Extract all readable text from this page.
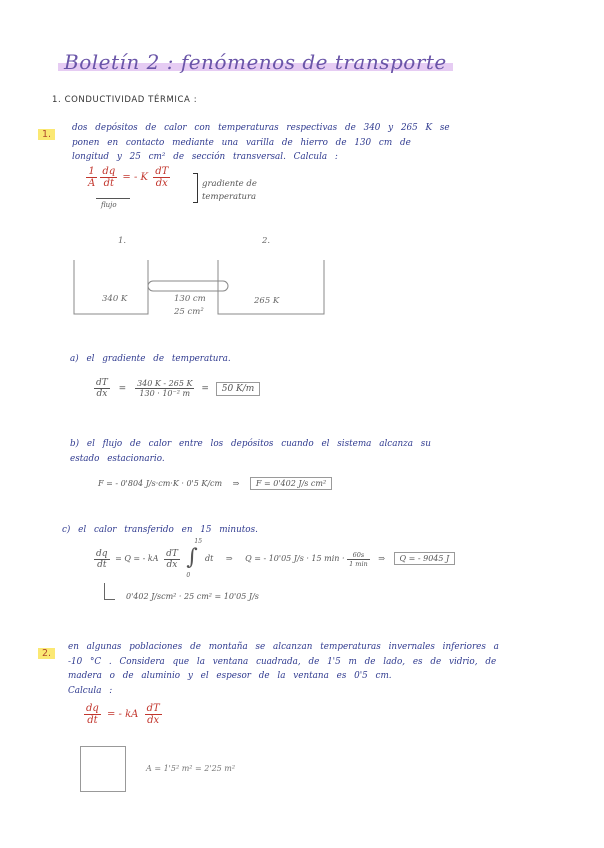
Boletín 2 : fenómenos de transporte
1. CONDUCTIVIDAD TÉRMICA :
1.
dos depósitos de calor con temperaturas respectivas de 340 y 265 K se
ponen en contacto mediante una varilla de hierro de 130 cm de
longitud y 25 cm² de sección transversal. Calcula :
$\frac{1}{A}$
$\frac{dq}{dt}$ = - K $\frac{dT}{dx}$
flujo
gradiente de temperatura
1.	2.
340 K	130 cm
25 cm²
265 K
a) el gradiente de temperatura.
$\frac{dT}{dx} = \frac{340 K - 265 K}{\text{130 · 10⁻² m}} = 50$ K/m
b) el flujo de calor entre los depósitos cuando el sistema alcanza su
estado estacionario.
F = - 0'804 J/s·cm·K · 0'5 K/cm ⇒ F = 0'402 J/s cm²
c) el calor transferido en 15 minutos.
$\frac{dq}{dt} = Q$ = - kA $\frac{dT}{dx}$
∫
15
0
dt ⇒ Q = - 10'05 J/s · 15 $\min \cdot \frac{60s}{1 \min}$ ⇒ Q = - 9045 J
0'402 J/scm² · 25 cm² = 10'05 J/s
2.
en algunas poblaciones de montaña se alcanzan temperaturas invernales inferiores a
-10 °C . Considera que la ventana cuadrada, de 1'5 m de lado, es de vidrio, de
madera o de aluminio y el espesor de la ventana es 0'5 cm.
Calcula :
$\frac{dq}{dt}$ = - kA $\frac{dT}{dx}$
A = 1'5² m² = 2'25 m²
